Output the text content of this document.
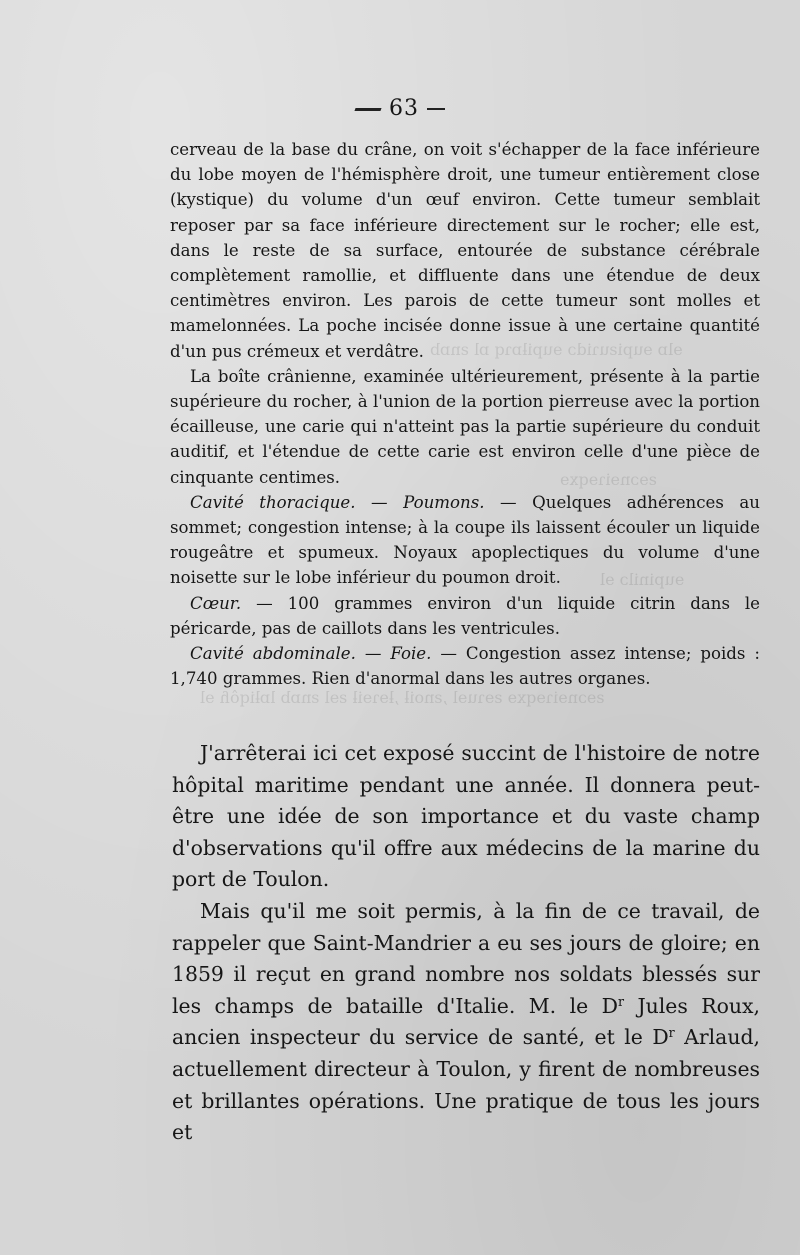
ɘlɒ ɘupiƨuɿidɔ ɘupiƚɒɿq ɒl ƨnɒb
ƨɘɔnɘiɿɘqxɘ
ɘupinilɔ ɘl
ƨɘɔnɘiɿɘqxɘ ƨɘɿuɘl ,ƨnoiƚ ,ƚɘɿɘiƚ ƨɘl ƨnɒb lɒƚiqôɦ ɘl
63

cerveau de la base du crâne, on voit s'échapper de la face inférieure du lobe moyen de l'hémisphère droit, une tumeur entièrement close (kystique) du volume d'un œuf environ. Cette tumeur semblait reposer par sa face inférieure directement sur le rocher; elle est, dans le reste de sa surface, entourée de substance cérébrale complètement ramollie, et diffluente dans une étendue de deux centimètres environ. Les parois de cette tumeur sont molles et mamelonnées. La poche incisée donne issue à une certaine quantité d'un pus crémeux et verdâtre.

La boîte crânienne, examinée ultérieurement, présente à la partie supérieure du rocher, à l'union de la portion pierreuse avec la portion écailleuse, une carie qui n'atteint pas la partie supérieure du conduit auditif, et l'étendue de cette carie est environ celle d'une pièce de cinquante centimes.

Cavité thoracique. — Poumons. — Quelques adhérences au sommet; congestion intense; à la coupe ils laissent écouler un liquide rougeâtre et spumeux. Noyaux apoplectiques du volume d'une noisette sur le lobe inférieur du poumon droit.

Cœur. — 100 grammes environ d'un liquide citrin dans le péricarde, pas de caillots dans les ventricules.

Cavité abdominale. — Foie. — Congestion assez intense; poids : 1,740 grammes. Rien d'anormal dans les autres organes.

J'arrêterai ici cet exposé succint de l'histoire de notre hôpital maritime pendant une année. Il donnera peut-être une idée de son importance et du vaste champ d'observations qu'il offre aux médecins de la marine du port de Toulon.

Mais qu'il me soit permis, à la fin de ce travail, de rappeler que Saint-Mandrier a eu ses jours de gloire; en 1859 il reçut en grand nombre nos soldats blessés sur les champs de bataille d'Italie. M. le $D^r$ Jules Roux, ancien inspecteur du service de santé, et le $D^r$ Arlaud, actuellement directeur à Toulon, y firent de nombreuses et brillantes opérations. Une pratique de tous les jours et
